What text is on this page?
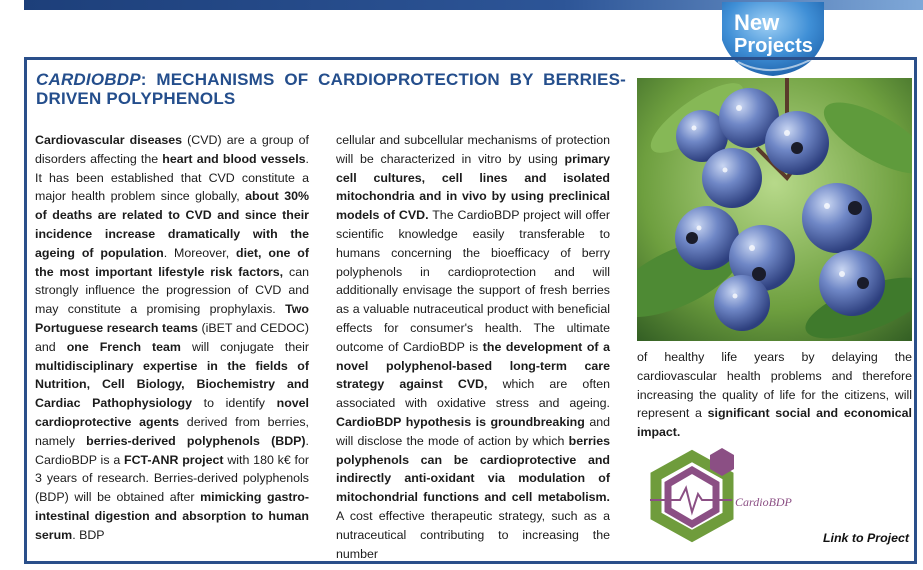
New
Projects
CARDIOBDP: MECHANISMS OF CARDIOPROTECTION BY BERRIES-DRIVEN POLYPHENOLS
Cardiovascular diseases (CVD) are a group of disorders affecting the heart and blood vessels. It has been established that CVD constitute a major health problem since globally, about 30% of deaths are related to CVD and since their incidence increase dramatically with the ageing of population. Moreover, diet, one of the most important lifestyle risk factors, can strongly influence the progression of CVD and may constitute a promising prophylaxis. Two Portuguese research teams (iBET and CEDOC) and one French team will conjugate their multidisciplinary expertise in the fields of Nutrition, Cell Biology, Biochemistry and Cardiac Pathophysiology to identify novel cardioprotective agents derived from berries, namely berries-derived polyphenols (BDP). CardioBDP is a FCT-ANR project with 180 k€ for 3 years of research. Berries-derived polyphenols (BDP) will be obtained after mimicking gastro-intestinal digestion and absorption to human serum. BDP
cellular and subcellular mechanisms of protection will be characterized in vitro by using primary cell cultures, cell lines and isolated mitochondria and in vivo by using preclinical models of CVD. The CardioBDP project will offer scientific knowledge easily transferable to humans concerning the bioefficacy of berry polyphenols in cardioprotection and will additionally envisage the support of fresh berries as a valuable nutraceutical product with beneficial effects for consumer's health. The ultimate outcome of CardioBDP is the development of a novel polyphenol-based long-term care strategy against CVD, which are often associated with oxidative stress and ageing. CardioBDP hypothesis is groundbreaking and will disclose the mode of action by which berries polyphenols can be cardioprotective and indirectly anti-oxidant via modulation of mitochondrial functions and cell metabolism. A cost effective therapeutic strategy, such as a nutraceutical contributing to increasing the number
of healthy life years by delaying the cardiovascular health problems and therefore increasing the quality of life for the citizens, will represent a significant social and economical impact.
CardioBDP
Link to Project
